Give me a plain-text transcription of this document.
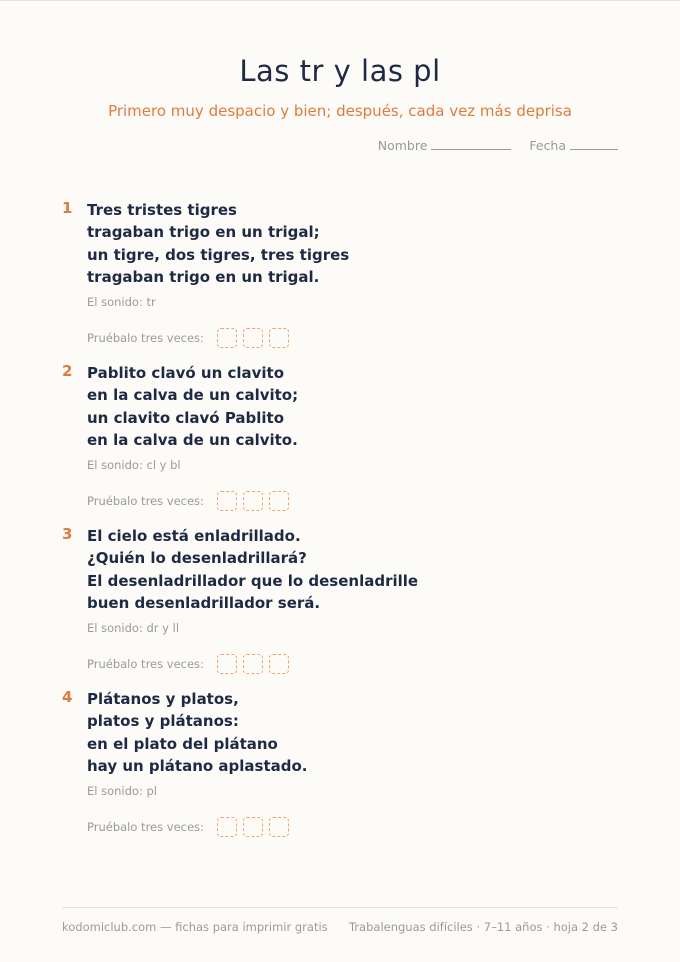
Las tr y las pl
Primero muy despacio y bien; después, cada vez más deprisa
Nombre	Fecha
1 Tres tristes tigres
tragaban trigo en un trigal;
un tigre, dos tigres, tres tigres
tragaban trigo en un trigal.
El sonido: tr
Pruébalo tres veces:
2 Pablito clavó un clavito
en la calva de un calvito;
un clavito clavó Pablito
en la calva de un calvito.
El sonido: cl y bl
Pruébalo tres veces:
3 El cielo está enladrillado.
¿Quién lo desenladrillará?
El desenladrillador que lo desenladrille
buen desenladrillador será.
El sonido: dr y ll
Pruébalo tres veces:
4 Plátanos y platos,
platos y plátanos:
en el plato del plátano
hay un plátano aplastado.
El sonido: pl
Pruébalo tres veces:
kodomiclub.com — fichas para imprimir gratis Trabalenguas difíciles · 7–11 años · hoja 2 de 3
